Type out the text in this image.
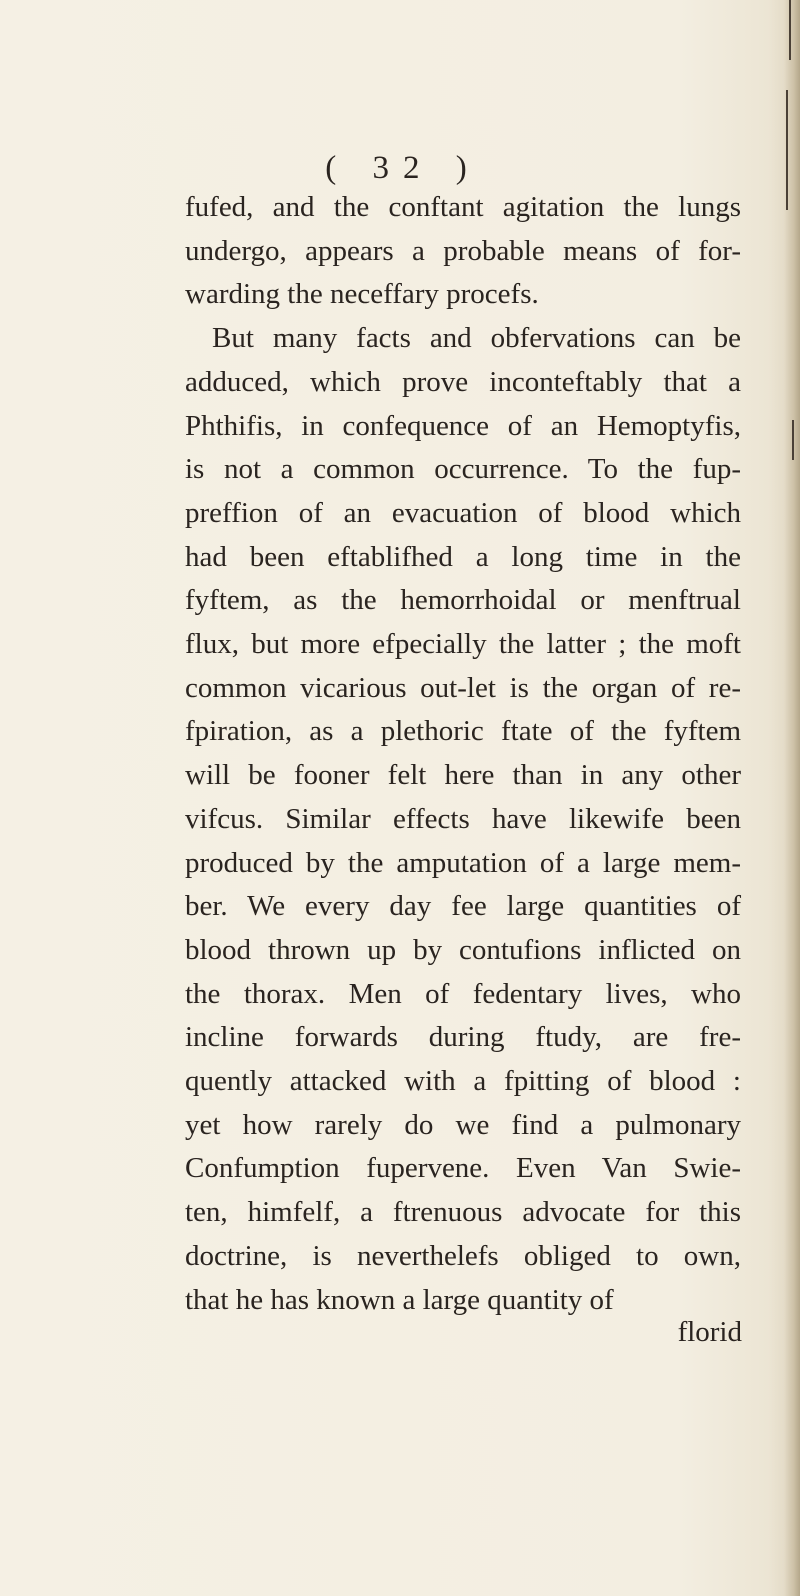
( 32 )
fufed, and the conftant agitation the lungs
undergo, appears a probable means of for-
warding the neceffary procefs.
But many facts and obfervations can be
adduced, which prove inconteftably that a
Phthifis, in confequence of an Hemoptyfis,
is not a common occurrence. To the fup-
preffion of an evacuation of blood which
had been eftablifhed a long time in the
fyftem, as the hemorrhoidal or menftrual
flux, but more efpecially the latter ; the moft
common vicarious out-let is the organ of re-
fpiration, as a plethoric ftate of the fyftem
will be fooner felt here than in any other
vifcus. Similar effects have likewife been
produced by the amputation of a large mem-
ber. We every day fee large quantities of
blood thrown up by contufions inflicted on
the thorax. Men of fedentary lives, who
incline forwards during ftudy, are fre-
quently attacked with a fpitting of blood :
yet how rarely do we find a pulmonary
Confumption fupervene. Even Van Swie-
ten, himfelf, a ftrenuous advocate for this
doctrine, is neverthelefs obliged to own,
that he has known a large quantity of
florid
